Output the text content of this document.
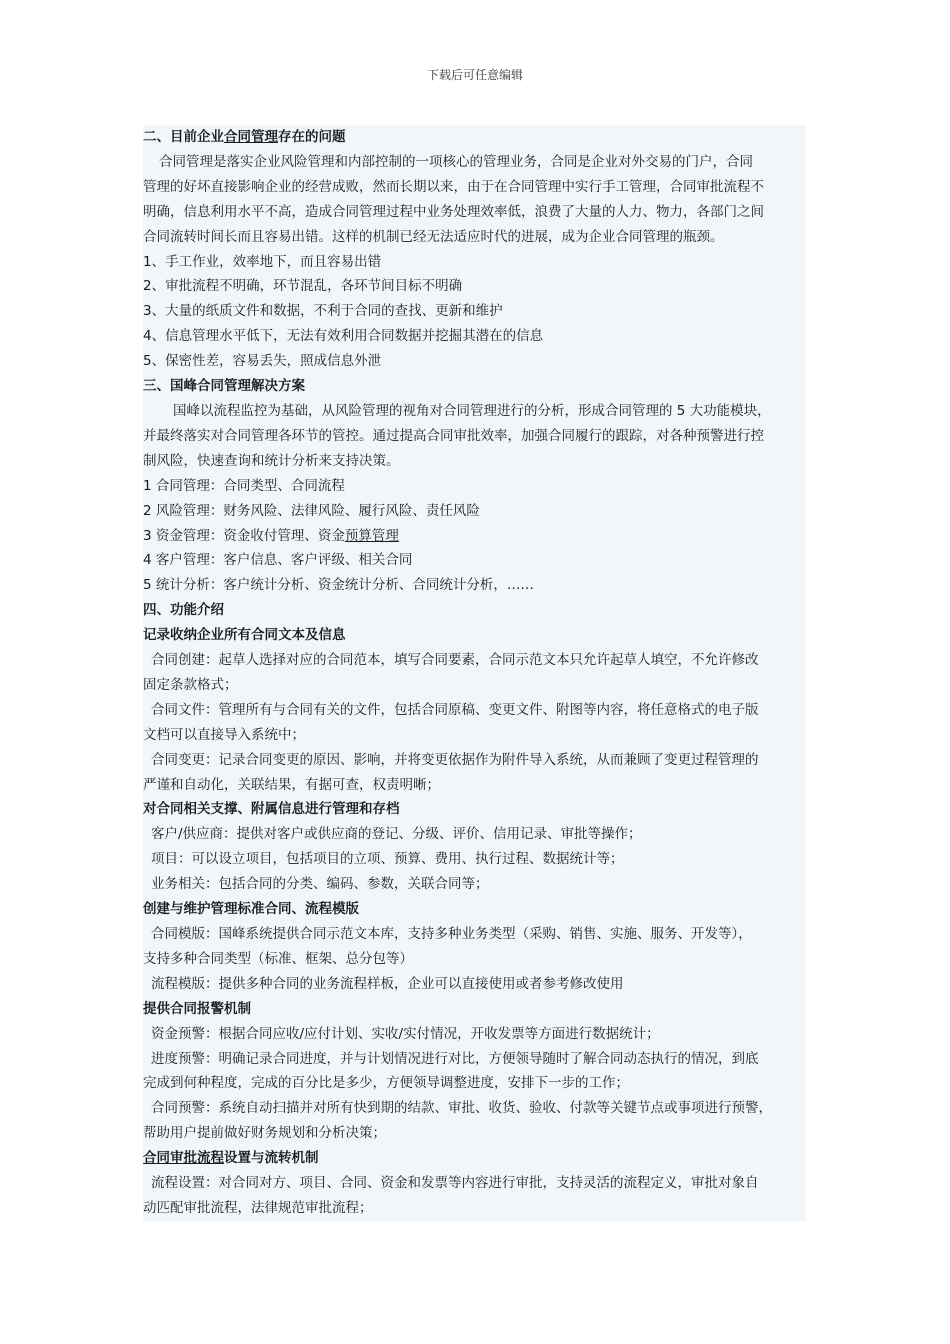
下载后可任意编辑
二、目前企业合同管理存在的问题
合同管理是落实企业风险管理和内部控制的一项核心的管理业务，合同是企业对外交易的门户，合同
管理的好坏直接影响企业的经营成败，然而长期以来，由于在合同管理中实行手工管理，合同审批流程不
明确，信息利用水平不高，造成合同管理过程中业务处理效率低，浪费了大量的人力、物力，各部门之间
合同流转时间长而且容易出错。这样的机制已经无法适应时代的进展，成为企业合同管理的瓶颈。
1、手工作业，效率地下，而且容易出错
2、审批流程不明确，环节混乱，各环节间目标不明确
3、大量的纸质文件和数据，不利于合同的查找、更新和维护
4、信息管理水平低下，无法有效利用合同数据并挖掘其潜在的信息
5、保密性差，容易丢失，照成信息外泄
三、国峰合同管理解决方案
国峰以流程监控为基础，从风险管理的视角对合同管理进行的分析，形成合同管理的 5 大功能模块，
并最终落实对合同管理各环节的管控。通过提高合同审批效率，加强合同履行的跟踪，对各种预警进行控
制风险，快速查询和统计分析来支持决策。
1 合同管理：合同类型、合同流程
2 风险管理：财务风险、法律风险、履行风险、责任风险
3 资金管理：资金收付管理、资金预算管理
4 客户管理：客户信息、客户评级、相关合同
5 统计分析：客户统计分析、资金统计分析、合同统计分析，……
四、功能介绍
记录收纳企业所有合同文本及信息
合同创建：起草人选择对应的合同范本，填写合同要素，合同示范文本只允许起草人填空，不允许修改
固定条款格式；
合同文件：管理所有与合同有关的文件，包括合同原稿、变更文件、附图等内容，将任意格式的电子版
文档可以直接导入系统中；
合同变更：记录合同变更的原因、影响，并将变更依据作为附件导入系统，从而兼顾了变更过程管理的
严谨和自动化，关联结果，有据可查，权责明晰；
对合同相关支撑、附属信息进行管理和存档
客户/供应商：提供对客户或供应商的登记、分级、评价、信用记录、审批等操作；
项目：可以设立项目，包括项目的立项、预算、费用、执行过程、数据统计等；
业务相关：包括合同的分类、编码、参数，关联合同等；
创建与维护管理标准合同、流程模版
合同模版：国峰系统提供合同示范文本库，支持多种业务类型（采购、销售、实施、服务、开发等），
支持多种合同类型（标准、框架、总分包等）
流程模版：提供多种合同的业务流程样板，企业可以直接使用或者参考修改使用
提供合同报警机制
资金预警：根据合同应收/应付计划、实收/实付情况，开收发票等方面进行数据统计；
进度预警：明确记录合同进度，并与计划情况进行对比，方便领导随时了解合同动态执行的情况，到底
完成到何种程度，完成的百分比是多少，方便领导调整进度，安排下一步的工作；
合同预警：系统自动扫描并对所有快到期的结款、审批、收货、验收、付款等关键节点或事项进行预警，
帮助用户提前做好财务规划和分析决策；
合同审批流程设置与流转机制
流程设置：对合同对方、项目、合同、资金和发票等内容进行审批，支持灵活的流程定义，审批对象自
动匹配审批流程，法律规范审批流程；
